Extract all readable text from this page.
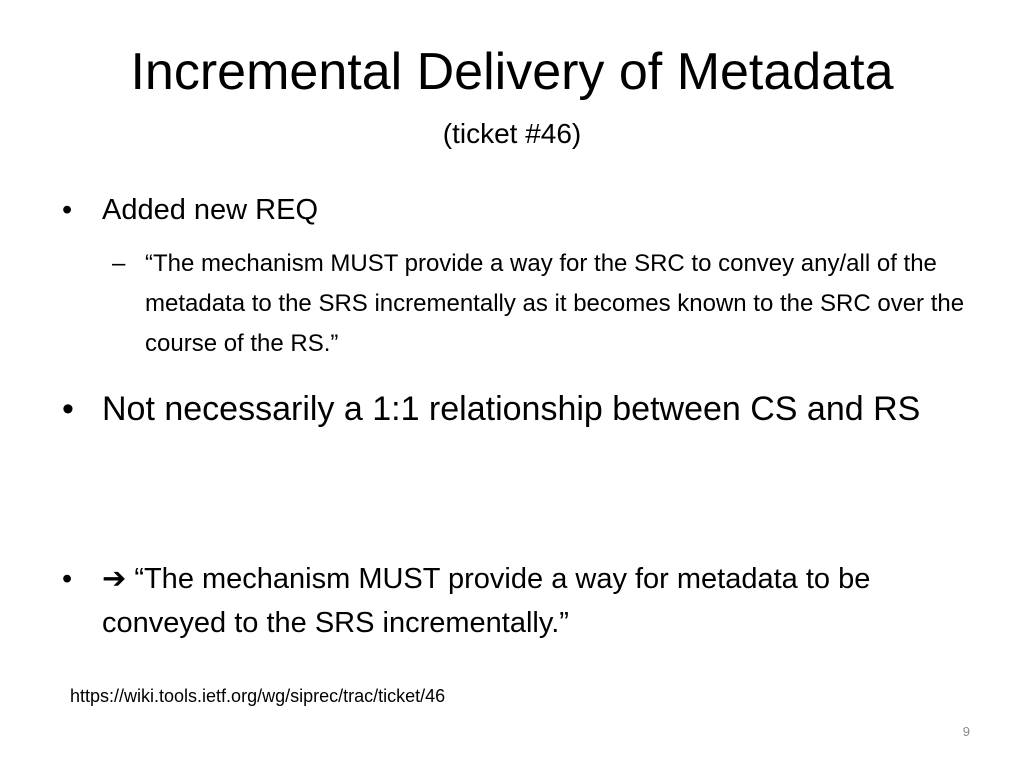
Incremental Delivery of Metadata
(ticket #46)
• Added new REQ
– “The mechanism MUST provide a way for the SRC to convey any/all of the metadata to the SRS incrementally as it becomes known to the SRC over the course of the RS.”
• Not necessarily a 1:1 relationship between CS and RS
• ➔ “The mechanism MUST provide a way for metadata to be conveyed to the SRS incrementally.”
https://wiki.tools.ietf.org/wg/siprec/trac/ticket/46
9
